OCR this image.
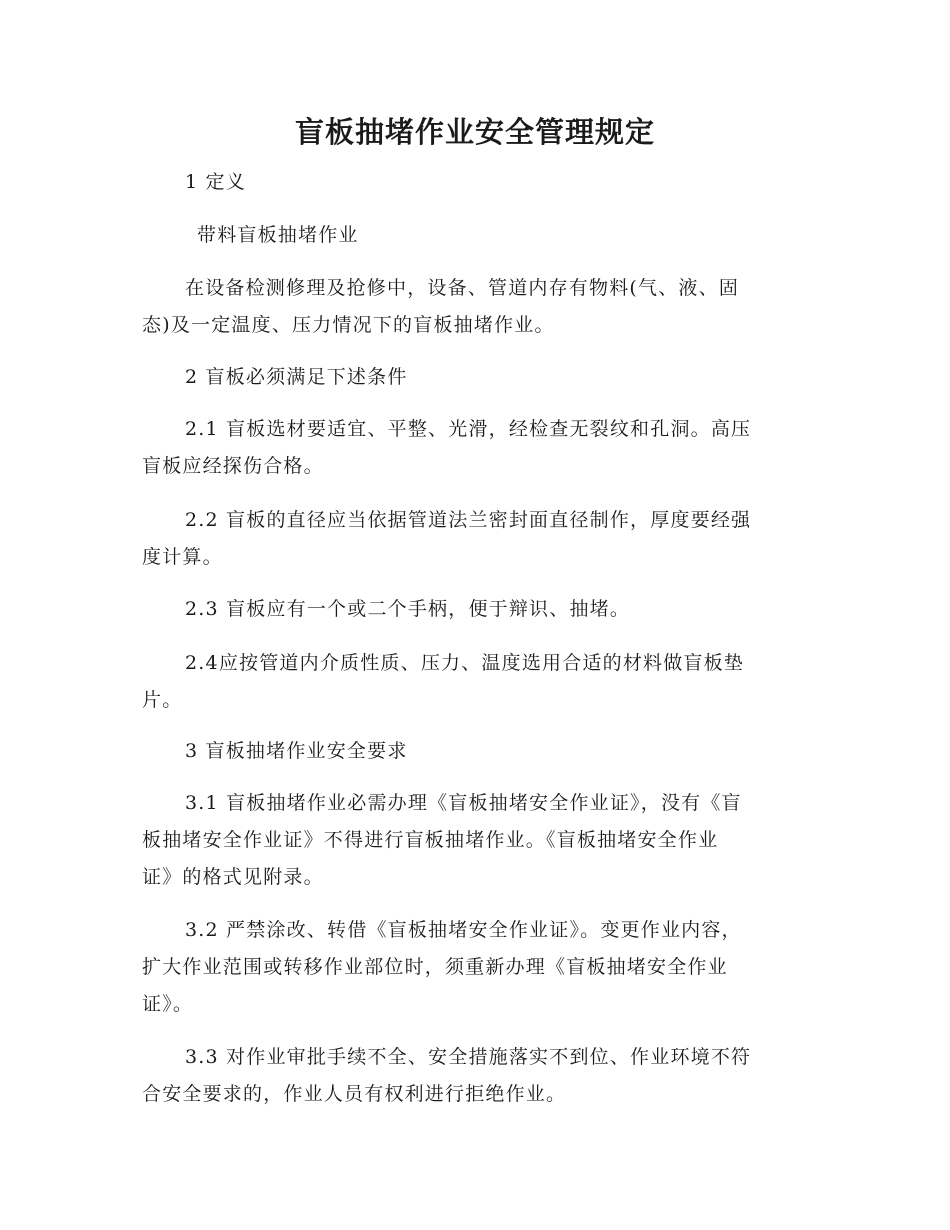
盲板抽堵作业安全管理规定

1 定义

带料盲板抽堵作业

在设备检测修理及抢修中，设备、管道内存有物料(气、液、固
态)及一定温度、压力情况下的盲板抽堵作业。

2 盲板必须满足下述条件

2.1 盲板选材要适宜、平整、光滑，经检查无裂纹和孔洞。高压
盲板应经探伤合格。

2.2 盲板的直径应当依据管道法兰密封面直径制作，厚度要经强
度计算。

2.3 盲板应有一个或二个手柄，便于辩识、抽堵。

2.4应按管道内介质性质、压力、温度选用合适的材料做盲板垫
片。

3 盲板抽堵作业安全要求

3.1 盲板抽堵作业必需办理《盲板抽堵安全作业证》，没有《盲
板抽堵安全作业证》不得进行盲板抽堵作业。《盲板抽堵安全作业
证》的格式见附录。

3.2 严禁涂改、转借《盲板抽堵安全作业证》。变更作业内容，
扩大作业范围或转移作业部位时，须重新办理《盲板抽堵安全作业
证》。

3.3 对作业审批手续不全、安全措施落实不到位、作业环境不符
合安全要求的，作业人员有权利进行拒绝作业。
